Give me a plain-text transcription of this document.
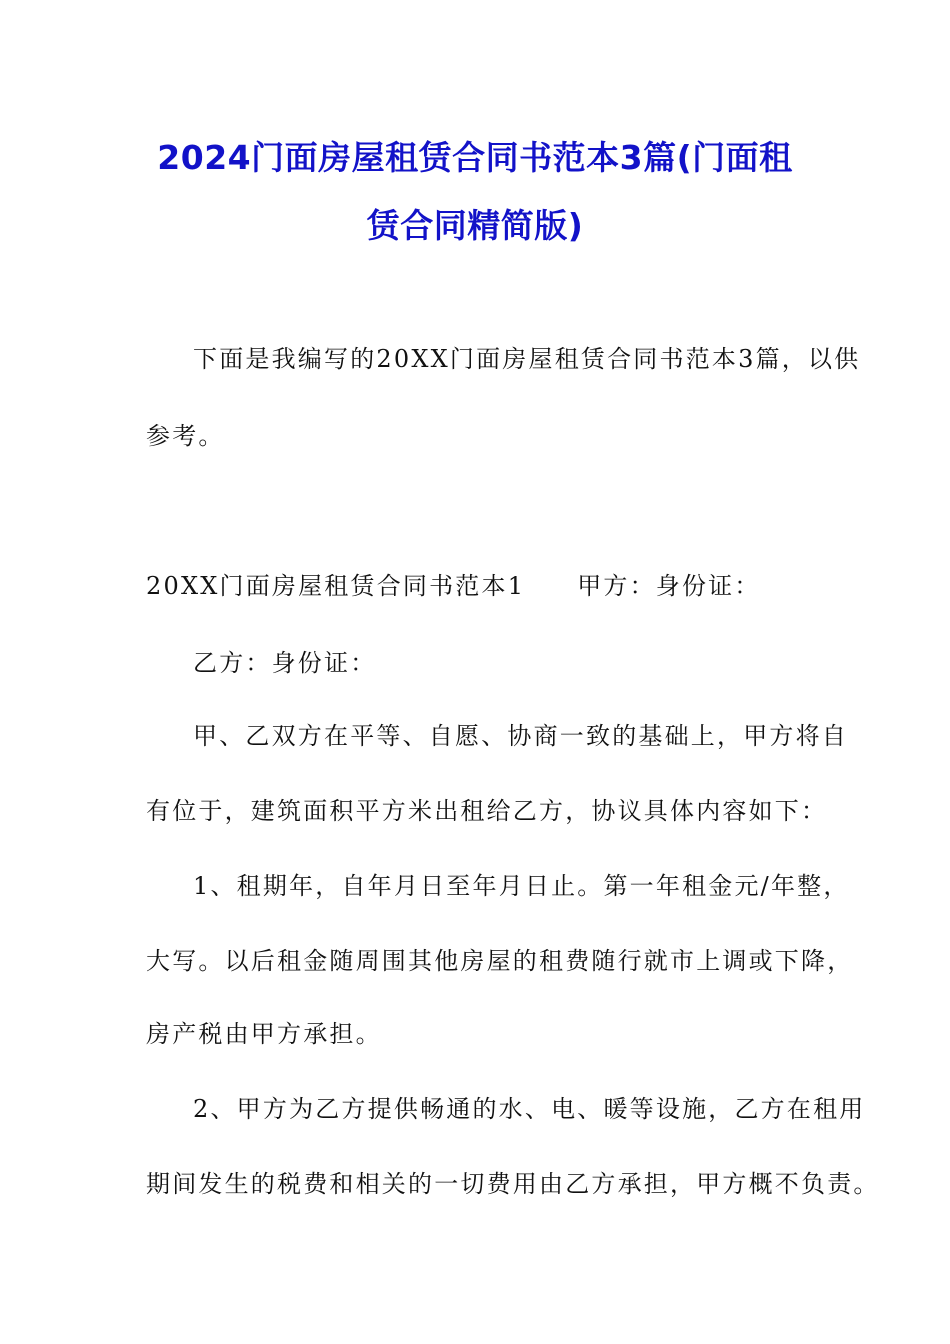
2024门面房屋租赁合同书范本3篇(门面租
赁合同精简版)
下面是我编写的20XX门面房屋租赁合同书范本3篇，以供
参考。
20XX门面房屋租赁合同书范本1 甲方：身份证：
乙方：身份证：
甲、乙双方在平等、自愿、协商一致的基础上，甲方将自
有位于，建筑面积平方米出租给乙方，协议具体内容如下：
1、租期年，自年月日至年月日止。第一年租金元/年整，
大写。以后租金随周围其他房屋的租费随行就市上调或下降，
房产税由甲方承担。
2、甲方为乙方提供畅通的水、电、暖等设施，乙方在租用
期间发生的税费和相关的一切费用由乙方承担，甲方概不负责。
